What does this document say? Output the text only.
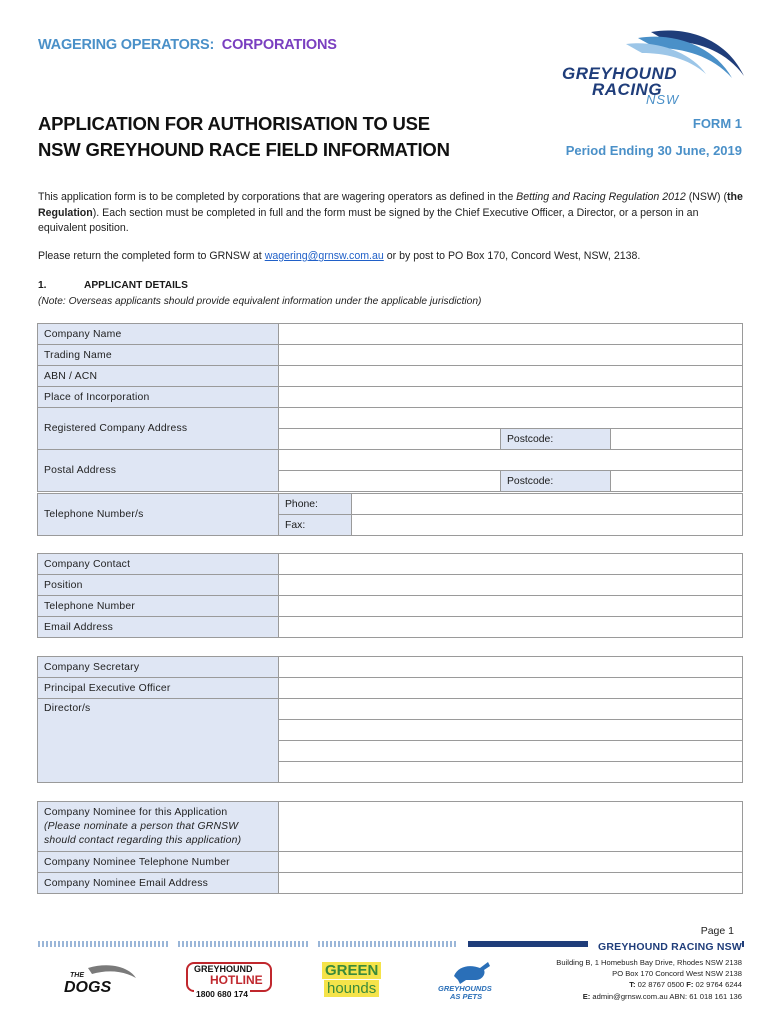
WAGERING OPERATORS: CORPORATIONS
GREYHOUND
RACING
NSW
APPLICATION FOR AUTHORISATION TO USE
NSW GREYHOUND RACE FIELD INFORMATION
FORM 1
Period Ending 30 June, 2019
This application form is to be completed by corporations that are wagering operators as defined in the Betting and Racing Regulation 2012 (NSW) (the Regulation). Each section must be completed in full and the form must be signed by the Chief Executive Officer, a Director, or a person in an equivalent position.
Please return the completed form to GRNSW at wagering@grnsw.com.au or by post to PO Box 170, Concord West, NSW, 2138.
1.	APPLICANT DETAILS
(Note: Overseas applicants should provide equivalent information under the applicable jurisdiction)
Company Name			
Trading Name			
ABN / ACN			
Place of Incorporation			
Registered Company Address			
		Postcode:	
Postal Address			
		Postcode:	
Telephone Number/s	Phone:	
	Fax:	
Company Contact	
Position	
Telephone Number	
Email Address	
Company Secretary	
Principal Executive Officer	
Director/s	

Company Nominee for this Application
(Please nominate a person that GRNSW
should contact regarding this application)	

Company Nominee Telephone Number	
Company Nominee Email Address	
Page 1
GREYHOUND RACING NSW
Building B, 1 Homebush Bay Drive, Rhodes NSW 2138
PO Box 170 Concord West NSW 2138
T: 02 8767 0500 F: 02 9764 6244
E: admin@grnsw.com.au ABN: 61 018 161 136
THE
DOGS
GREYHOUND
HOTLINE
1800 680 174
GREEN
hounds	GREYHOUNDS
AS PETS
